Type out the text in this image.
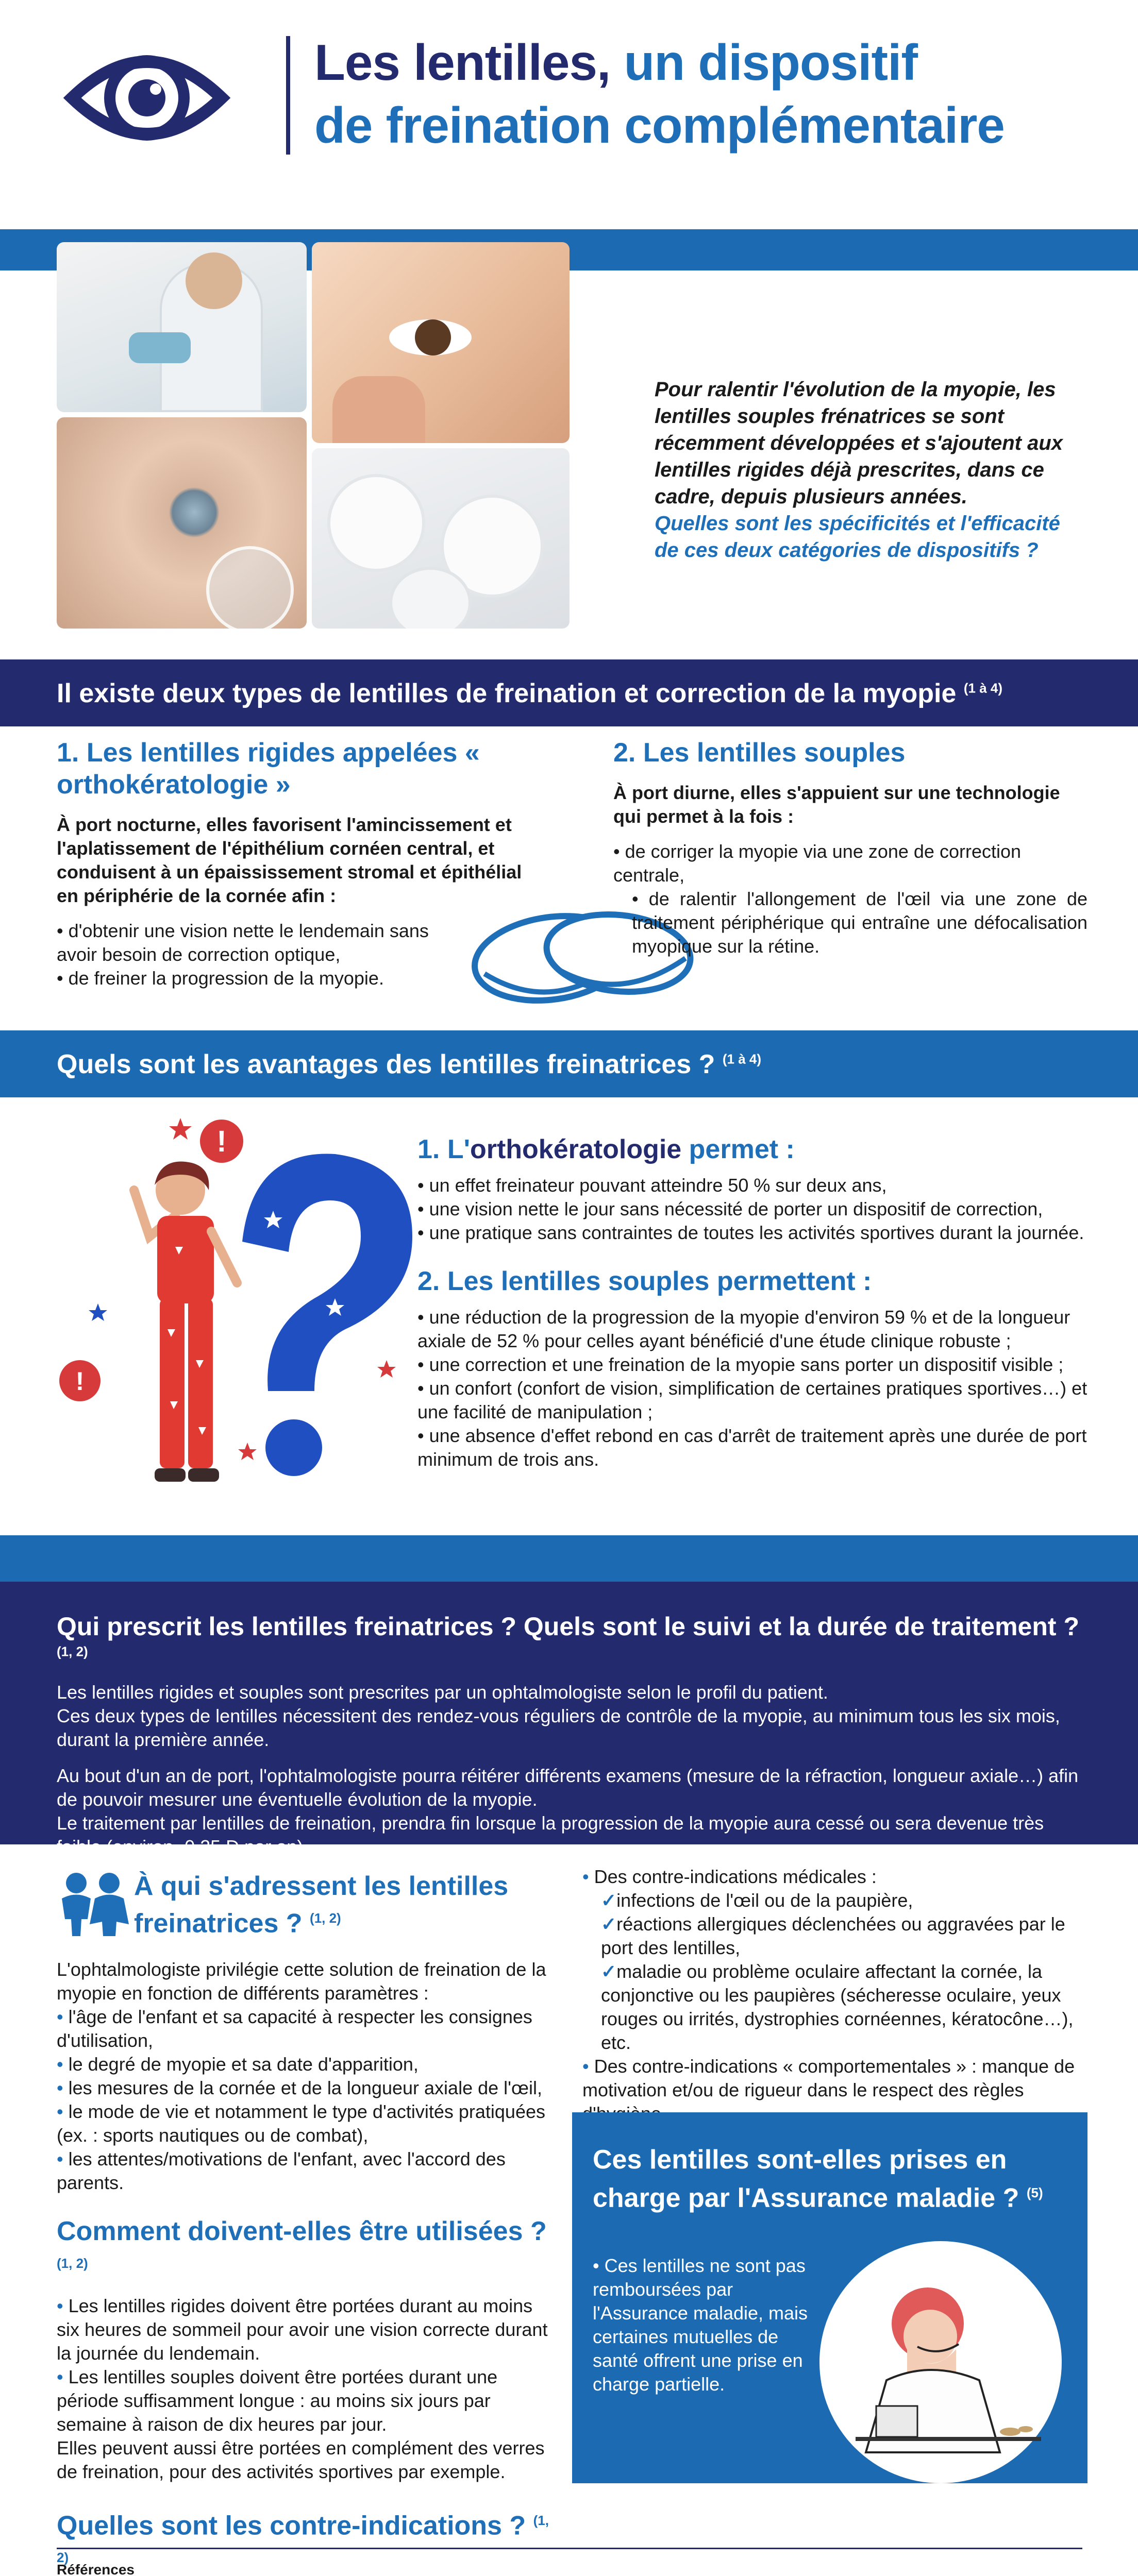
Les lentilles, un dispositif
de freination complémentaire

Pour ralentir l'évolution de la myopie, les lentilles souples frénatrices se sont récemment développées et s'ajoutent aux lentilles rigides déjà prescrites, dans ce cadre, depuis plusieurs années.

Quelles sont les spécificités et l'efficacité de ces deux catégories de dispositifs ?

Il existe deux types de lentilles de freination et correction de la myopie $^{(1 à 4)}$
1. Les lentilles rigides appelées « orthokératologie »

À port nocturne, elles favorisent l'amincissement et l'aplatissement de l'épithélium cornéen central, et conduisent à un épaississement stromal et épithélial en périphérie de la cornée afin :

• d'obtenir une vision nette le lendemain sans avoir besoin de correction optique,
• de freiner la progression de la myopie.
2. Les lentilles souples

À port diurne, elles s'appuient sur une technologie qui permet à la fois :

• de corriger la myopie via une zone de correction centrale,
• de ralentir l'allongement de l'œil via une zone de traitement périphérique qui entraîne une défocalisation myopique sur la rétine.
Quels sont les avantages des lentilles freinatrices ? $^{(1 à 4)}$
!
!
1. L'orthokératologie permet :
• un effet freinateur pouvant atteindre 50 % sur deux ans,
• une vision nette le jour sans nécessité de porter un dispositif de correction,
• une pratique sans contraintes de toutes les activités sportives durant la journée.
2. Les lentilles souples permettent :
• une réduction de la progression de la myopie d'environ 59 % et de la longueur axiale de 52 % pour celles ayant bénéficié d'une étude clinique robuste ;
• une correction et une freination de la myopie sans porter un dispositif visible ;
• un confort (confort de vision, simplification de certaines pratiques sportives…) et une facilité de manipulation ;
• une absence d'effet rebond en cas d'arrêt de traitement après une durée de port minimum de trois ans.
Qui prescrit les lentilles freinatrices ? Quels sont le suivi et la durée de traitement ? $^{(1, 2)}$

Les lentilles rigides et souples sont prescrites par un ophtalmologiste selon le profil du patient.

Ces deux types de lentilles nécessitent des rendez-vous réguliers de contrôle de la myopie, au minimum tous les six mois, durant la première année.

Au bout d'un an de port, l'ophtalmologiste pourra réitérer différents examens (mesure de la réfraction, longueur axiale…) afin de pouvoir mesurer une éventuelle évolution de la myopie.

Le traitement par lentilles de freination, prendra fin lorsque la progression de la myopie aura cessé ou sera devenue très faible (environ -0,25 D par an).

À qui s'adressent les lentilles freinatrices ? $^{(1, 2)}$

L'ophtalmologiste privilégie cette solution de freination de la myopie en fonction de différents paramètres :

• l'âge de l'enfant et sa capacité à respecter les consignes d'utilisation,
• le degré de myopie et sa date d'apparition,
• les mesures de la cornée et de la longueur axiale de l'œil,
• le mode de vie et notamment le type d'activités pratiquées (ex. : sports nautiques ou de combat),
• les attentes/motivations de l'enfant, avec l'accord des parents.
Comment doivent-elles être utilisées ? $^{(1, 2)}$
• Les lentilles rigides doivent être portées durant au moins six heures de sommeil pour avoir une vision correcte durant la journée du lendemain.
• Les lentilles souples doivent être portées durant une période suffisamment longue : au moins six jours par semaine à raison de dix heures par jour.

Elles peuvent aussi être portées en complément des verres de freination, pour des activités sportives par exemple.

Quelles sont les contre-indications ? $^{(1, 2)}$

• Des contre-indications médicales :

✓infections de l'œil ou de la paupière,
✓réactions allergiques déclenchées ou aggravées par le port des lentilles,
✓maladie ou problème oculaire affectant la cornée, la conjonctive ou les paupières (sécheresse oculaire, yeux rouges ou irrités, dystrophies cornéennes, kératocône…), etc.

• Des contre-indications « comportementales » : manque de motivation et/ou de rigueur dans le respect des règles

Ces lentilles sont-elles prises en charge par l'Assurance maladie ? $^{(5)}$

• Ces lentilles ne sont pas remboursées par l'Assurance maladie, mais certaines mutuelles de santé offrent une prise en charge partielle.

Références
